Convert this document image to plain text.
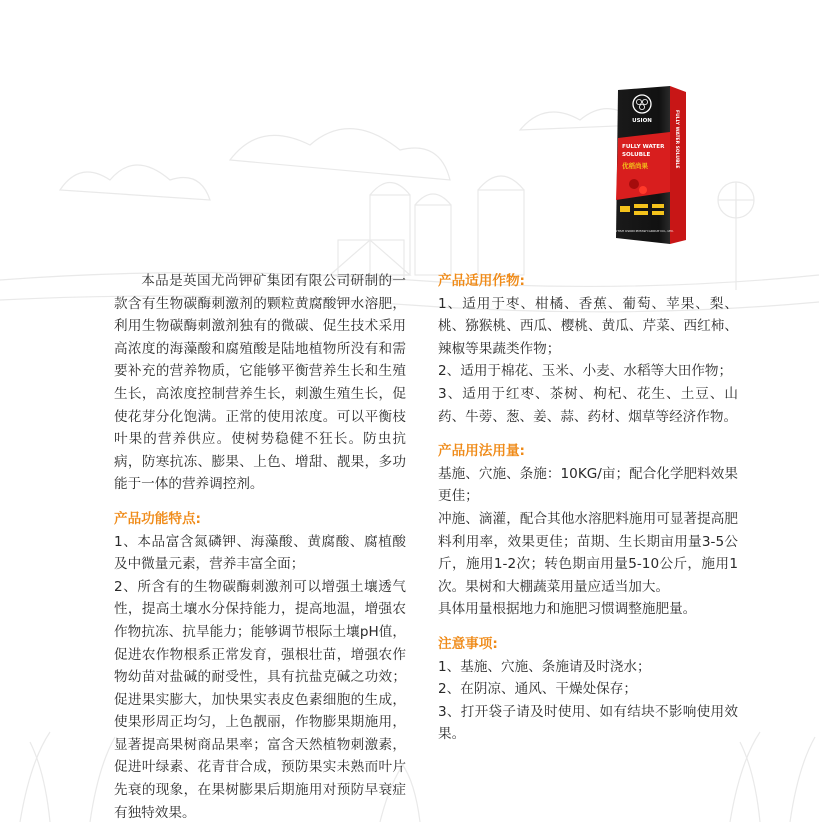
USION
FULLY WATER
SOLUBLE
优稻尚果
BRITISH USION POTASH GROUP CO., LTD.
FULLY WATER SOLUBLE

本品是英国尤尚钾矿集团有限公司研制的一款含有生物碳酶刺激剂的颗粒黄腐酸钾水溶肥，利用生物碳酶刺激剂独有的微碳、促生技术采用高浓度的海藻酸和腐殖酸是陆地植物所没有和需要补充的营养物质，它能够平衡营养生长和生殖生长，高浓度控制营养生长，刺激生殖生长，促使花芽分化饱满。正常的使用浓度。可以平衡枝叶果的营养供应。使树势稳健不狂长。防虫抗病，防寒抗冻、膨果、上色、增甜、靓果，多功能于一体的营养调控剂。

产品功能特点:

1、本品富含氮磷钾、海藻酸、黄腐酸、腐植酸及中微量元素，营养丰富全面；

2、所含有的生物碳酶刺激剂可以增强土壤透气性，提高土壤水分保持能力，提高地温，增强农作物抗冻、抗旱能力；能够调节根际土壤pH值，促进农作物根系正常发育，强根壮苗，增强农作物幼苗对盐碱的耐受性，具有抗盐克碱之功效；促进果实膨大，加快果实表皮色素细胞的生成，使果形周正均匀，上色靓丽，作物膨果期施用，显著提高果树商品果率；富含天然植物刺激素，促进叶绿素、花青苷合成，预防果实未熟而叶片先衰的现象，在果树膨果后期施用对预防早衰症有独特效果。

产品适用作物:

1、适用于枣、柑橘、香蕉、葡萄、苹果、梨、桃、猕猴桃、西瓜、樱桃、黄瓜、芹菜、西红柿、辣椒等果蔬类作物；

2、适用于棉花、玉米、小麦、水稻等大田作物；

3、适用于红枣、茶树、枸杞、花生、土豆、山药、牛蒡、葱、姜、蒜、药材、烟草等经济作物。

产品用法用量:

基施、穴施、条施：10KG/亩；配合化学肥料效果更佳；

冲施、滴灌，配合其他水溶肥料施用可显著提高肥料利用率，效果更佳；苗期、生长期亩用量3-5公斤，施用1-2次；转色期亩用量5-10公斤，施用1次。果树和大棚蔬菜用量应适当加大。

具体用量根据地力和施肥习惯调整施肥量。

注意事项:

1、基施、穴施、条施请及时浇水；

2、在阴凉、通风、干燥处保存；

3、打开袋子请及时使用、如有结块不影响使用效果。
